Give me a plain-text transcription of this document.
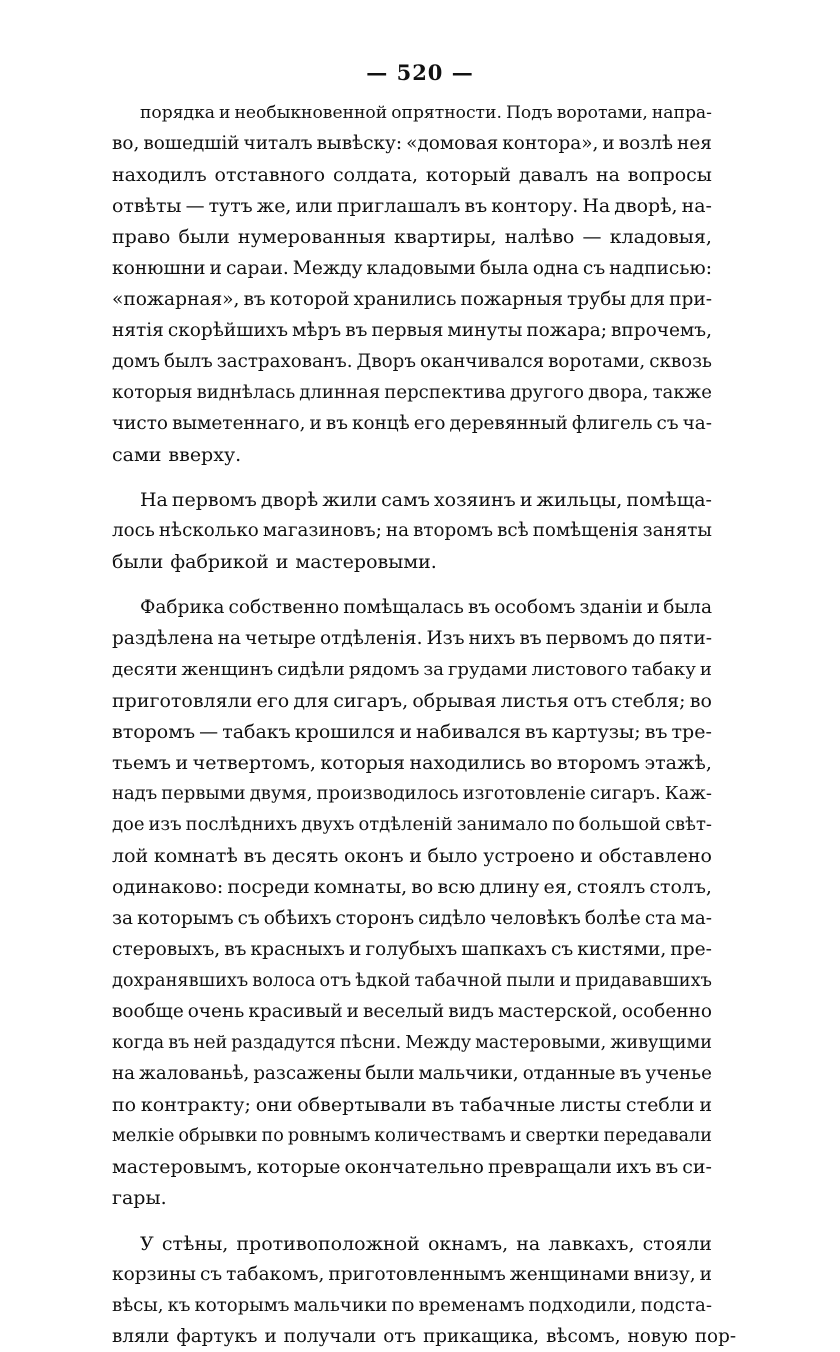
— 520 —
порядка и необыкновенной опрятности. Подъ воротами, напра-
во, вошедшій читалъ вывѣску: «домовая контора», и возлѣ нея
находилъ отставного солдата, который давалъ на вопросы
отвѣты — тутъ же, или приглашалъ въ контору. На дворѣ, на-
право были нумерованныя квартиры, налѣво — кладовыя,
конюшни и сараи. Между кладовыми была одна съ надписью:
«пожарная», въ которой хранились пожарныя трубы для при-
нятія скорѣйшихъ мѣръ въ первыя минуты пожара; впрочемъ,
домъ былъ застрахованъ. Дворъ оканчивался воротами, сквозь
которыя виднѣлась длинная перспектива другого двора, также
чисто выметеннаго, и въ концѣ его деревянный флигель съ ча-
сами вверху.
На первомъ дворѣ жили самъ хозяинъ и жильцы, помѣща-
лось нѣсколько магазиновъ; на второмъ всѣ помѣщенія заняты
были фабрикой и мастеровыми.
Фабрика собственно помѣщалась въ особомъ зданіи и была
раздѣлена на четыре отдѣленія. Изъ нихъ въ первомъ до пяти-
десяти женщинъ сидѣли рядомъ за грудами листового табаку и
приготовляли его для сигаръ, обрывая листья отъ стебля; во
второмъ — табакъ крошился и набивался въ картузы; въ тре-
тьемъ и четвертомъ, которыя находились во второмъ этажѣ,
надъ первыми двумя, производилось изготовленіе сигаръ. Каж-
дое изъ послѣднихъ двухъ отдѣленій занимало по большой свѣт-
лой комнатѣ въ десять оконъ и было устроено и обставлено
одинаково: посреди комнаты, во всю длину ея, стоялъ столъ,
за которымъ съ обѣихъ сторонъ сидѣло человѣкъ болѣе ста ма-
стеровыхъ, въ красныхъ и голубыхъ шапкахъ съ кистями, пре-
дохранявшихъ волоса отъ ѣдкой табачной пыли и придававшихъ
вообще очень красивый и веселый видъ мастерской, особенно
когда въ ней раздадутся пѣсни. Между мастеровыми, живущими
на жалованьѣ, разсажены были мальчики, отданные въ ученье
по контракту; они обвертывали въ табачные листы стебли и
мелкіе обрывки по ровнымъ количествамъ и свертки передавали
мастеровымъ, которые окончательно превращали ихъ въ си-
гары.
У стѣны, противоположной окнамъ, на лавкахъ, стояли
корзины съ табакомъ, приготовленнымъ женщинами внизу, и
вѣсы, къ которымъ мальчики по временамъ подходили, подста-
вляли фартукъ и получали отъ прикащика, вѣсомъ, новую пор-
